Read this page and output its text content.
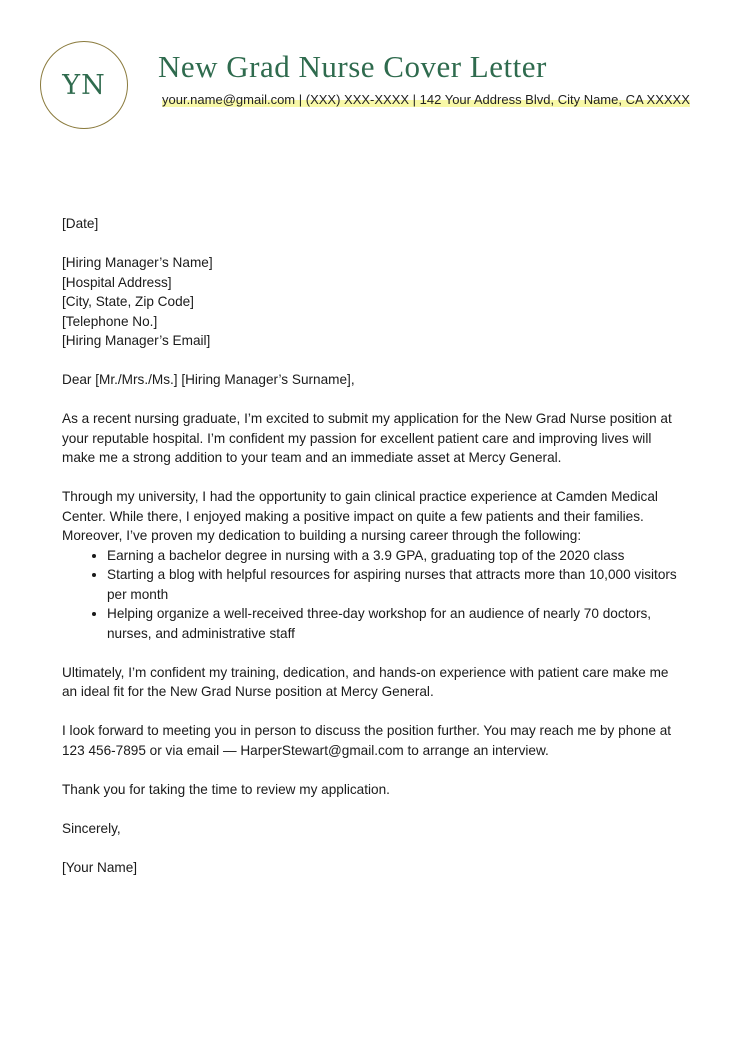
YN
New Grad Nurse Cover Letter
your.name@gmail.com | (XXX) XXX-XXXX | 142 Your Address Blvd, City Name, CA XXXXX

[Date]

[Hiring Manager’s Name]

[Hospital Address]

[City, State, Zip Code]

[Telephone No.]

[Hiring Manager’s Email]

Dear [Mr./Mrs./Ms.] [Hiring Manager’s Surname],

As a recent nursing graduate, I’m excited to submit my application for the New Grad Nurse position at your reputable hospital. I’m confident my passion for excellent patient care and improving lives will make me a strong addition to your team and an immediate asset at Mercy General.

Through my university, I had the opportunity to gain clinical practice experience at Camden Medical Center. While there, I enjoyed making a positive impact on quite a few patients and their families. Moreover, I’ve proven my dedication to building a nursing career through the following:

• Earning a bachelor degree in nursing with a 3.9 GPA, graduating top of the 2020 class
• Starting a blog with helpful resources for aspiring nurses that attracts more than 10,000 visitors per month
• Helping organize a well-received three-day workshop for an audience of nearly 70 doctors, nurses, and administrative staff

Ultimately, I’m confident my training, dedication, and hands-on experience with patient care make me an ideal fit for the New Grad Nurse position at Mercy General.

I look forward to meeting you in person to discuss the position further. You may reach me by phone at 123 456-7895 or via email — HarperStewart@gmail.com to arrange an interview.

Thank you for taking the time to review my application.

Sincerely,

[Your Name]
